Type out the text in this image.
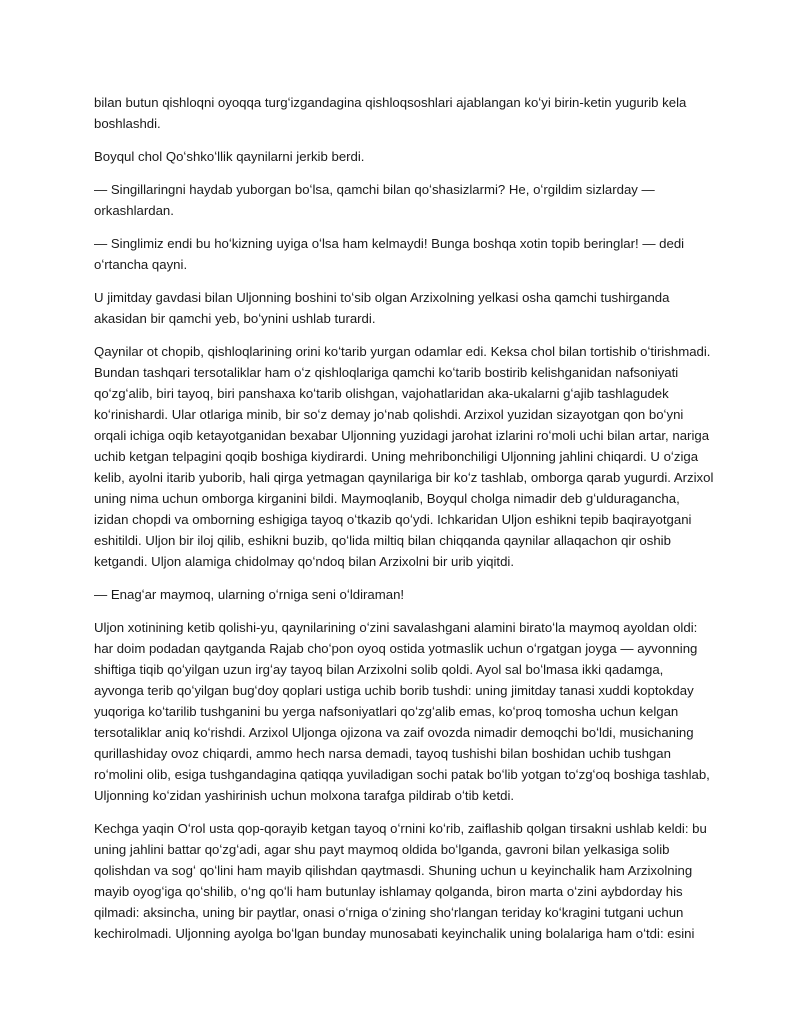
bilan butun qishloqni oyoqqa turgʻizgandagina qishloqsoshlari ajablangan koʻyi birin-ketin yugurib kela boshlashdi.

Boyqul chol Qoʻshkoʻllik qaynilarni jerkib berdi.

— Singillaringni haydab yuborgan boʻlsa, qamchi bilan qoʻshasizlarmi? He, oʻrgildim sizlarday — orkashlardan.

— Singlimiz endi bu hoʻkizning uyiga oʻlsa ham kelmaydi! Bunga boshqa xotin topib beringlar! — dedi oʻrtancha qayni.

U jimitday gavdasi bilan Uljonning boshini toʻsib olgan Arzixolning yelkasi osha qamchi tushirganda akasidan bir qamchi yeb, boʻynini ushlab turardi.

Qaynilar ot chopib, qishloqlarining orini koʻtarib yurgan odamlar edi. Keksa chol bilan tortishib oʻtirishmadi. Bundan tashqari tersotaliklar ham oʻz qishloqlariga qamchi koʻtarib bostirib kelishganidan nafsoniyati qoʻzgʻalib, biri tayoq, biri panshaxa koʻtarib olishgan, vajohatlaridan aka-ukalarni gʻajib tashlagudek koʻrinishardi. Ular otlariga minib, bir soʻz demay joʻnab qolishdi. Arzixol yuzidan sizayotgan qon boʻyni orqali ichiga oqib ketayotganidan bexabar Uljonning yuzidagi jarohat izlarini roʻmoli uchi bilan artar, nariga uchib ketgan telpagini qoqib boshiga kiydirardi. Uning mehribonchiligi Uljonning jahlini chiqardi. U oʻziga kelib, ayolni itarib yuborib, hali qirga yetmagan qaynilariga bir koʻz tashlab, omborga qarab yugurdi. Arzixol uning nima uchun omborga kirganini bildi. Maymoqlanib, Boyqul cholga nimadir deb gʻulduragancha, izidan chopdi va omborning eshigiga tayoq oʻtkazib qoʻydi. Ichkaridan Uljon eshikni tepib baqirayotgani eshitildi. Uljon bir iloj qilib, eshikni buzib, qoʻlida miltiq bilan chiqqanda qaynilar allaqachon qir oshib ketgandi. Uljon alamiga chidolmay qoʻndoq bilan Arzixolni bir urib yiqitdi.

— Enagʻar maymoq, ularning oʻrniga seni oʻldiraman!

Uljon xotinining ketib qolishi-yu, qaynilarining oʻzini savalashgani alamini biratoʻla maymoq ayoldan oldi: har doim podadan qaytganda Rajab choʻpon oyoq ostida yotmaslik uchun oʻrgatgan joyga — ayvonning shiftiga tiqib qoʻyilgan uzun irgʻay tayoq bilan Arzixolni solib qoldi. Ayol sal boʻlmasa ikki qadamga, ayvonga terib qoʻyilgan bugʻdoy qoplari ustiga uchib borib tushdi: uning jimitday tanasi xuddi koptokday yuqoriga koʻtarilib tushganini bu yerga nafsoniyatlari qoʻzgʻalib emas, koʻproq tomosha uchun kelgan tersotaliklar aniq koʻrishdi. Arzixol Uljonga ojizona va zaif ovozda nimadir demoqchi boʻldi, musichaning qurillashiday ovoz chiqardi, ammo hech narsa demadi, tayoq tushishi bilan boshidan uchib tushgan roʻmolini olib, esiga tushgandagina qatiqqa yuviladigan sochi patak boʻlib yotgan toʻzgʻoq boshiga tashlab, Uljonning koʻzidan yashirinish uchun molxona tarafga pildirab oʻtib ketdi.

Kechga yaqin Oʻrol usta qop-qorayib ketgan tayoq oʻrnini koʻrib, zaiflashib qolgan tirsakni ushlab keldi: bu uning jahlini battar qoʻzgʻadi, agar shu payt maymoq oldida boʻlganda, gavroni bilan yelkasiga solib qolishdan va sogʻ qoʻlini ham mayib qilishdan qaytmasdi. Shuning uchun u keyinchalik ham Arzixolning mayib oyogʻiga qoʻshilib, oʻng qoʻli ham butunlay ishlamay qolganda, biron marta oʻzini aybdorday his qilmadi: aksincha, uning bir paytlar, onasi oʻrniga oʻzining shoʻrlangan teriday koʻkragini tutgani uchun kechirolmadi. Uljonning ayolga boʻlgan bunday munosabati keyinchalik uning bolalariga ham oʻtdi: esini
